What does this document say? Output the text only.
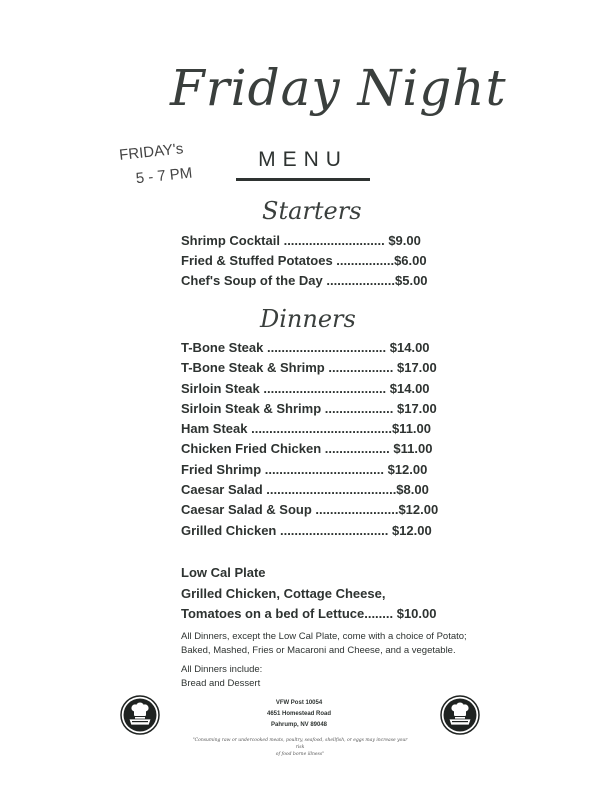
Friday Night
MENU
FRIDAY's
5 - 7 PM
Starters
Shrimp Cocktail ............................ $9.00
Fried & Stuffed Potatoes ................$6.00
Chef's Soup of the Day ...................$5.00
Dinners
T-Bone Steak ................................. $14.00
T-Bone Steak & Shrimp .................. $17.00
Sirloin Steak .................................. $14.00
Sirloin Steak & Shrimp ................... $17.00
Ham Steak .......................................$11.00
Chicken Fried Chicken .................. $11.00
Fried Shrimp ................................. $12.00
Caesar Salad ....................................$8.00
Caesar Salad & Soup .......................$12.00
Grilled Chicken .............................. $12.00
Low Cal Plate
Grilled Chicken, Cottage Cheese,
Tomatoes on a bed of Lettuce........ $10.00
All Dinners, except the Low Cal Plate, come with a choice of Potato;
Baked, Mashed, Fries or Macaroni and Cheese, and a vegetable.
All Dinners include:
Bread and Dessert
VFW Post 10054
4651 Homestead Road
Pahrump, NV 89048
"Consuming raw or undercooked meats, poultry, seafood, shellfish, or eggs may increase your risk
of food borne illness"
